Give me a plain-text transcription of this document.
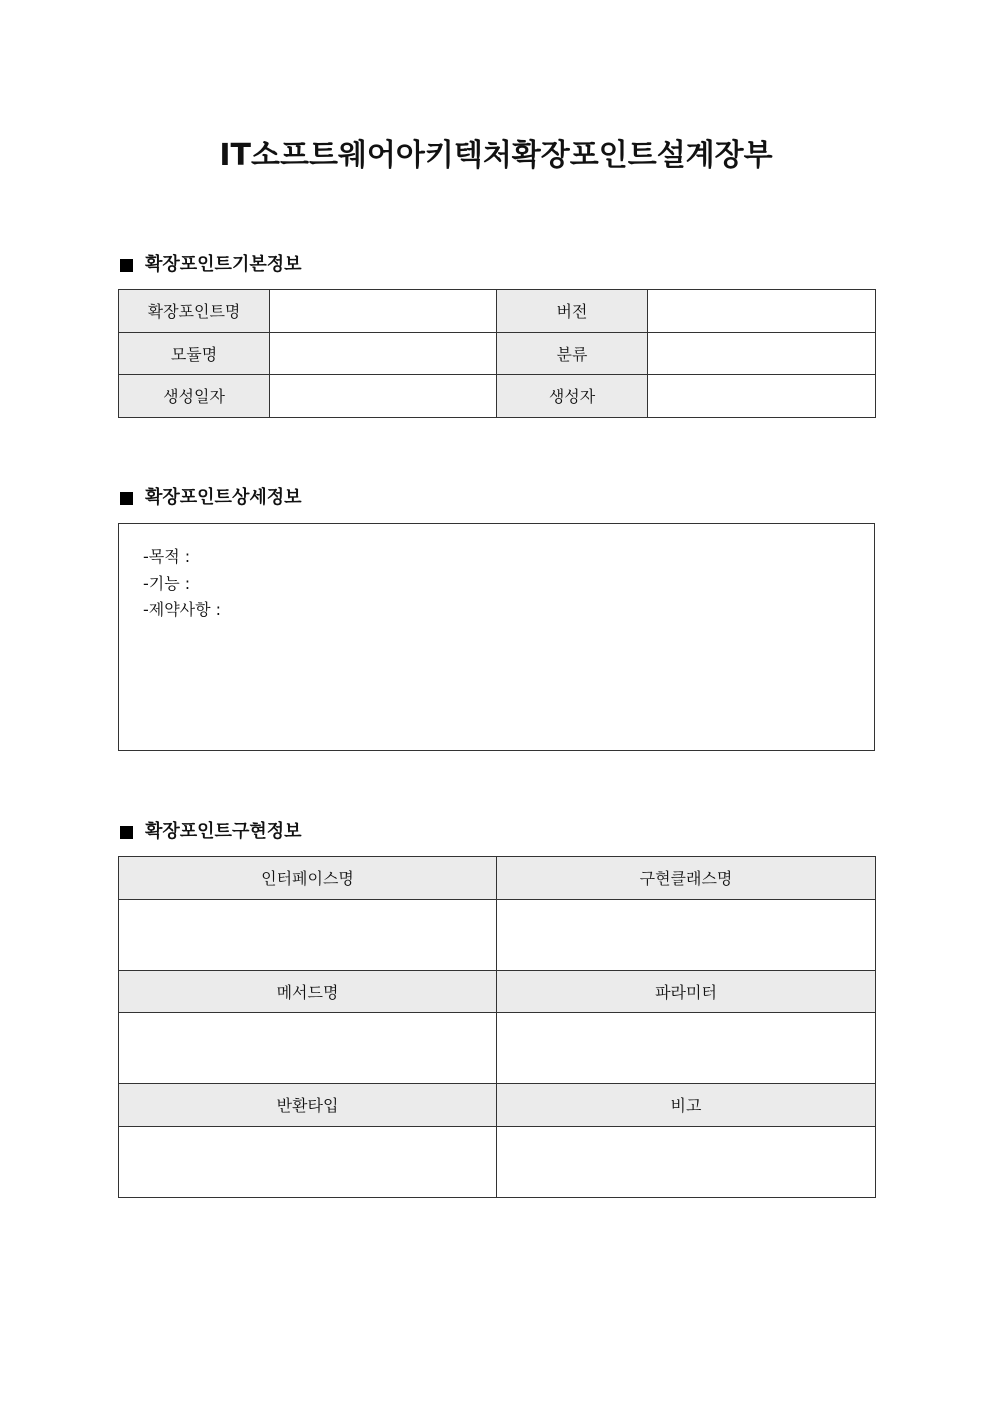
IT소프트웨어아키텍처확장포인트설계장부
확장포인트기본정보
확장포인트명		버전	
모듈명		분류	
생성일자		생성자	
확장포인트상세정보
-목적 :
-기능 :
-제약사항 :
확장포인트구현정보
인터페이스명	구현클래스명

메서드명	파라미터

반환타입	비고
